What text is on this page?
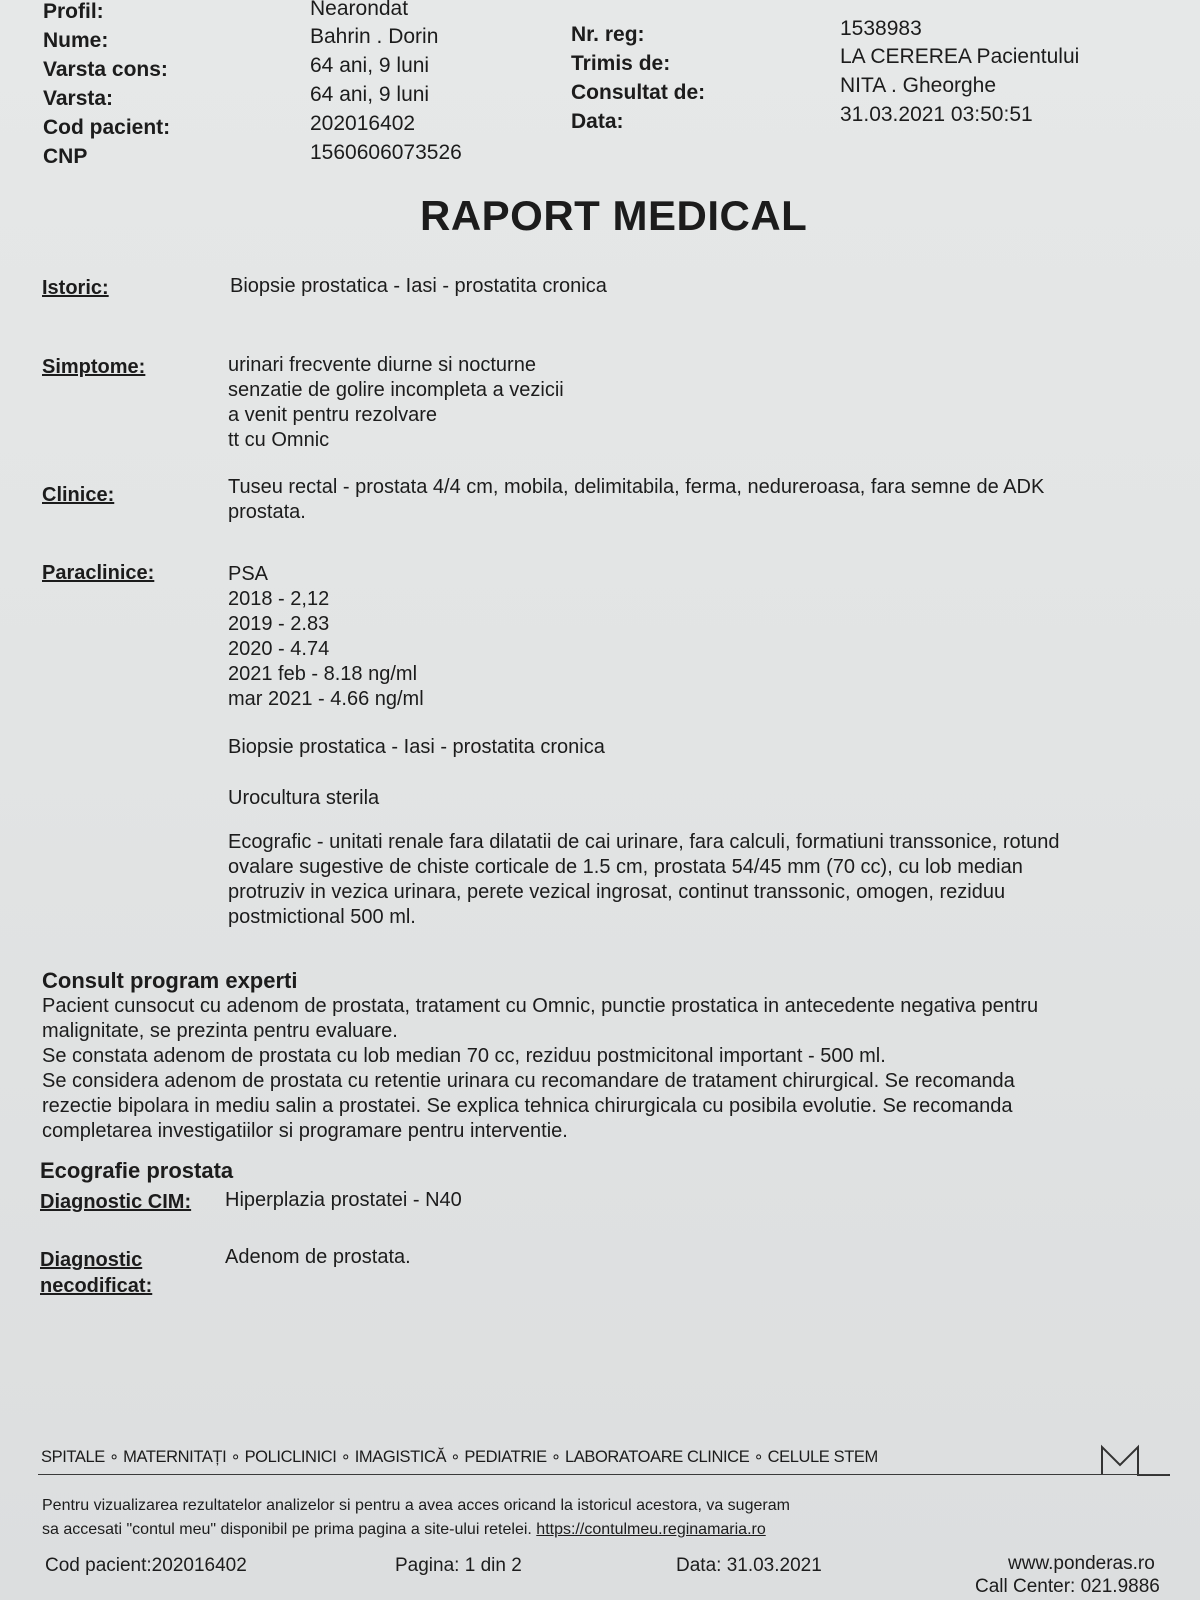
Profil:	Nearondat
Nume:	Bahrin . Dorin
Varsta cons:	64 ani, 9 luni
Varsta:	64 ani, 9 luni
Cod pacient:	202016402
CNP	1560606073526
Nr. reg:	1538983
Trimis de:	LA CEREREA Pacientului
Consultat de:	NITA . Gheorghe
Data:	31.03.2021 03:50:51
RAPORT MEDICAL
Istoric:	Biopsie prostatica - Iasi - prostatita cronica
Simptome:	urinari frecvente diurne si nocturne
senzatie de golire incompleta a vezicii
a venit pentru rezolvare
tt cu Omnic
Clinice:	Tuseu rectal - prostata 4/4 cm, mobila, delimitabila, ferma, nedureroasa, fara semne de ADK
prostata.
Paraclinice:	PSA
2018 - 2,12
2019 - 2.83
2020 - 4.74
2021 feb - 8.18 ng/ml
mar 2021 - 4.66 ng/ml
Biopsie prostatica - Iasi - prostatita cronica
Urocultura sterila
Ecografic - unitati renale fara dilatatii de cai urinare, fara calculi, formatiuni transsonice, rotund
ovalare sugestive de chiste corticale de 1.5 cm, prostata 54/45 mm (70 cc), cu lob median
protruziv in vezica urinara, perete vezical ingrosat, continut transsonic, omogen, reziduu
postmictional 500 ml.
Consult program experti
Pacient cunsocut cu adenom de prostata, tratament cu Omnic, punctie prostatica in antecedente negativa pentru
malignitate, se prezinta pentru evaluare.
Se constata adenom de prostata cu lob median 70 cc, reziduu postmicitonal important - 500 ml.
Se considera adenom de prostata cu retentie urinara cu recomandare de tratament chirurgical. Se recomanda
rezectie bipolara in mediu salin a prostatei. Se explica tehnica chirurgicala cu posibila evolutie. Se recomanda
completarea investigatiilor si programare pentru interventie.
Ecografie prostata
Diagnostic CIM: Hiperplazia prostatei - N40
Diagnostic
necodificat:
Adenom de prostata.
SPITALE ∘ MATERNITAȚI ∘ POLICLINICI ∘ IMAGISTICĂ ∘ PEDIATRIE ∘ LABORATOARE CLINICE ∘ CELULE STEM
Pentru vizualizarea rezultatelor analizelor si pentru a avea acces oricand la istoricul acestora, va sugeram
sa accesati "contul meu" disponibil pe prima pagina a site-ului retelei. https://contulmeu.reginamaria.ro
Cod pacient:202016402	Pagina: 1 din 2	Data: 31.03.2021	www.ponderas.ro
Call Center: 021.9886
